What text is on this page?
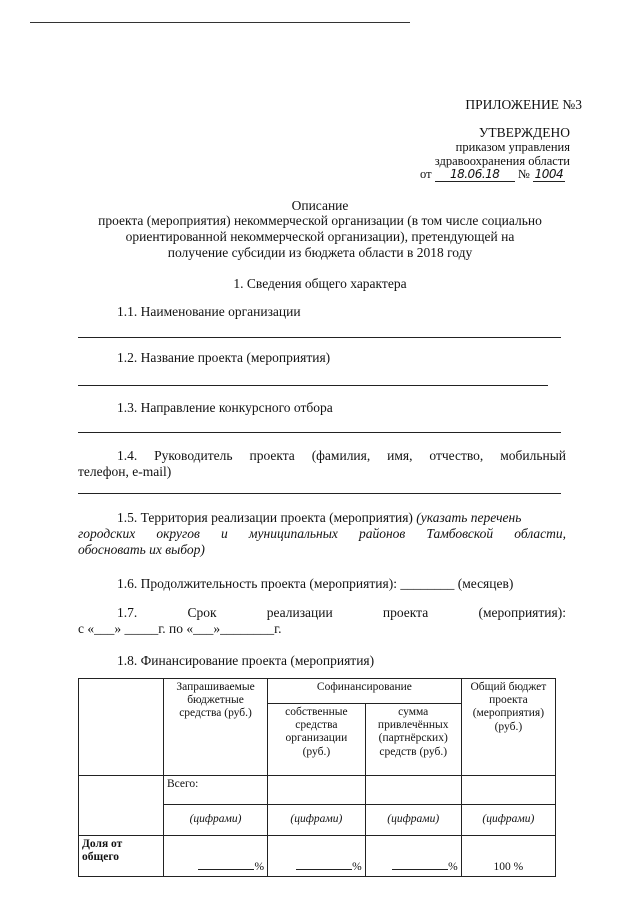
ПРИЛОЖЕНИЕ №3
УТВЕРЖДЕНО
приказом управления
здравоохранения области
от 18.06.18 № 1004
Описание
проекта (мероприятия) некоммерческой организации (в том числе социально
ориентированной некоммерческой организации), претендующей на
получение субсидии из бюджета области в 2018 году
1. Сведения общего характера
1.1. Наименование организации
1.2. Название проекта (мероприятия)
1.3. Направление конкурсного отбора
1.4. Руководитель проекта (фамилия, имя, отчество, мобильный
телефон, e-mail)
1.5. Территория реализации проекта (мероприятия) (указать перечень
городских округов и муниципальных районов Тамбовской области,
обосновать их выбор)
1.6. Продолжительность проекта (мероприятия): ________ (месяцев)
1.7.	Срок	реализации	проекта	(мероприятия):
с «___» _____г. по «___»________г.
1.8. Финансирование проекта (мероприятия)
	Запрашиваемые бюджетные средства (руб.)	Софинансирование		Общий бюджет проекта (мероприятия) (руб.)
		собственные средства организации (руб.)	сумма привлечённых (партнёрских) средств (руб.)	
	Всего:			
	(цифрами)	(цифрами)	(цифрами)	(цифрами)
Доля от общего	%	%	%	100 %
